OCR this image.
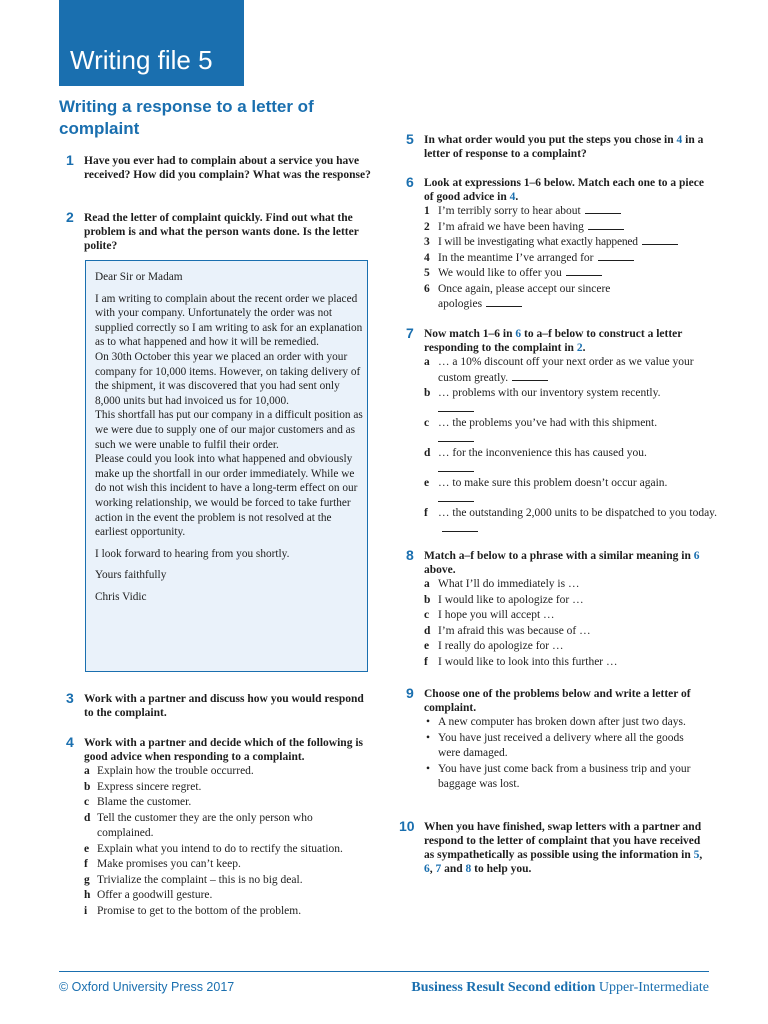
Writing file 5
Writing a response to a letter of complaint
1 Have you ever had to complain about a service you have received? How did you complain? What was the response?
2 Read the letter of complaint quickly. Find out what the problem is and what the person wants done. Is the letter polite?

Dear Sir or Madam

I am writing to complain about the recent order we placed with your company. Unfortunately the order was not supplied correctly so I am writing to ask for an explanation as to what happened and how it will be remedied.

On 30th October this year we placed an order with your company for 10,000 items. However, on taking delivery of the shipment, it was discovered that you had sent only 8,000 units but had invoiced us for 10,000.

This shortfall has put our company in a difficult position as we were due to supply one of our major customers and as such we were unable to fulfil their order.

Please could you look into what happened and obviously make up the shortfall in our order immediately. While we do not wish this incident to have a long-term effect on our working relationship, we would be forced to take further action in the event the problem is not resolved at the earliest opportunity.

I look forward to hearing from you shortly.

Yours faithfully

Chris Vidic

3 Work with a partner and discuss how you would respond to the complaint.
4 Work with a partner and decide which of the following is good advice when responding to a complaint.
a Explain how the trouble occurred.
b Express sincere regret.
c Blame the customer.
d Tell the customer they are the only person who complained.
e Explain what you intend to do to rectify the situation.
f Make promises you can’t keep.
g Trivialize the complaint – this is no big deal.
h Offer a goodwill gesture.
i Promise to get to the bottom of the problem.
5 In what order would you put the steps you chose in 4 in a letter of response to a complaint?
6 Look at expressions 1–6 below. Match each one to a piece of good advice in 4.
1 I’m terribly sorry to hear about
2 I’m afraid we have been having
3 I will be investigating what exactly happened
4 In the meantime I’ve arranged for
5 We would like to offer you
6 Once again, please accept our sincere apologies
7 Now match 1–6 in 6 to a–f below to construct a letter responding to the complaint in 2.
a … a 10% discount off your next order as we value your custom greatly.
b … problems with our inventory system recently.

c … the problems you’ve had with this shipment.

d … for the inconvenience this has caused you.

e … to make sure this problem doesn’t occur again.

f … the outstanding 2,000 units to be dispatched to you today.
8 Match a–f below to a phrase with a similar meaning in 6 above.
a What I’ll do immediately is …
b I would like to apologize for …
c I hope you will accept …
d I’m afraid this was because of …
e I really do apologize for …
f I would like to look into this further …
9 Choose one of the problems below and write a letter of complaint.
• A new computer has broken down after just two days.
• You have just received a delivery where all the goods were damaged.
• You have just come back from a business trip and your baggage was lost.
10 When you have finished, swap letters with a partner and respond to the letter of complaint that you have received as sympathetically as possible using the information in 5, 6, 7 and 8 to help you.
© Oxford University Press 2017	Business Result Second edition Upper-Intermediate
